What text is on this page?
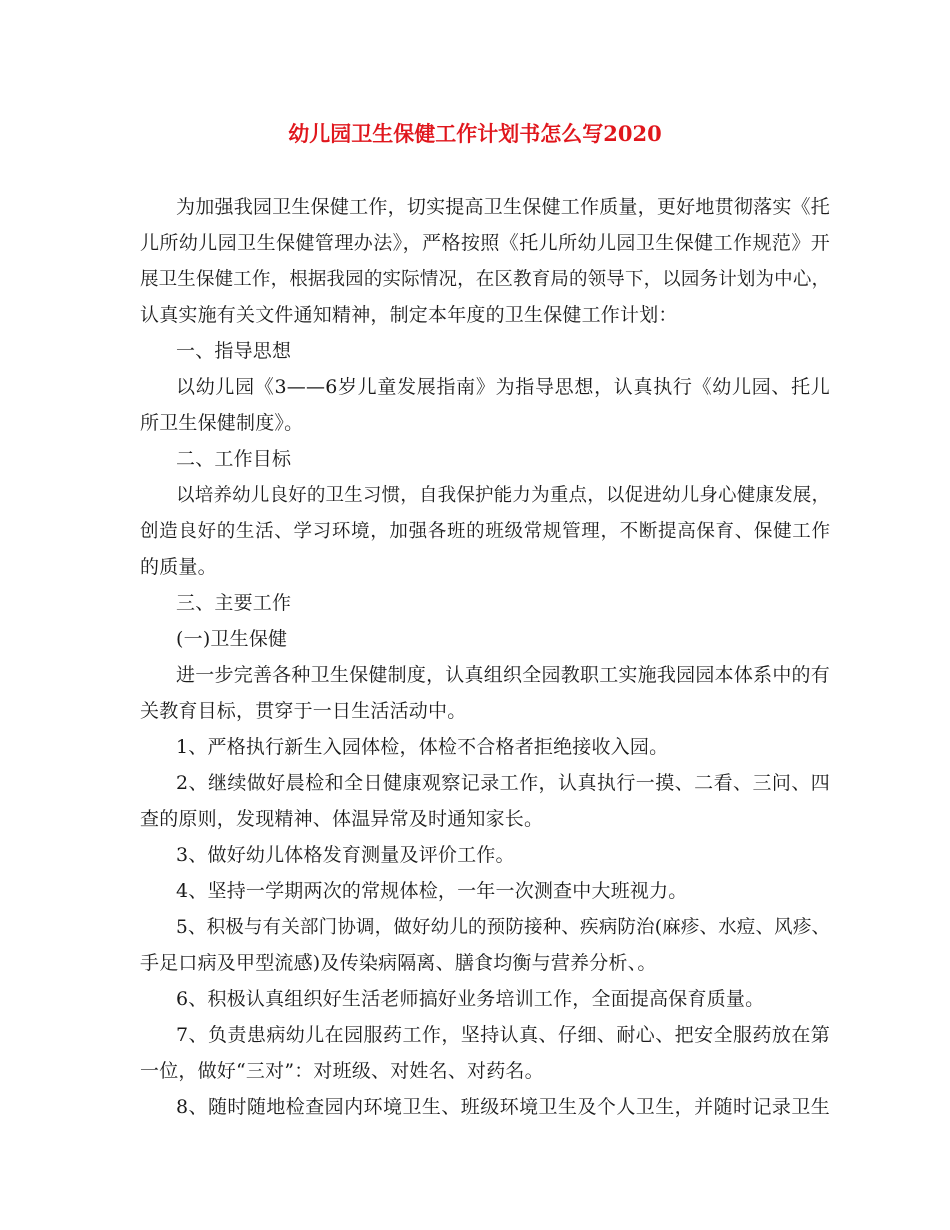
幼儿园卫生保健工作计划书怎么写2020

为加强我园卫生保健工作，切实提高卫生保健工作质量，更好地贯彻落实《托

儿所幼儿园卫生保健管理办法》，严格按照《托儿所幼儿园卫生保健工作规范》开

展卫生保健工作，根据我园的实际情况，在区教育局的领导下，以园务计划为中心，

认真实施有关文件通知精神，制定本年度的卫生保健工作计划：

一、指导思想

以幼儿园《3——6岁儿童发展指南》为指导思想，认真执行《幼儿园、托儿

所卫生保健制度》。

二、工作目标

以培养幼儿良好的卫生习惯，自我保护能力为重点，以促进幼儿身心健康发展，

创造良好的生活、学习环境，加强各班的班级常规管理，不断提高保育、保健工作

的质量。

三、主要工作

(一)卫生保健

进一步完善各种卫生保健制度，认真组织全园教职工实施我园园本体系中的有

关教育目标，贯穿于一日生活活动中。

1、严格执行新生入园体检，体检不合格者拒绝接收入园。

2、继续做好晨检和全日健康观察记录工作，认真执行一摸、二看、三问、四

查的原则，发现精神、体温异常及时通知家长。

3、做好幼儿体格发育测量及评价工作。

4、坚持一学期两次的常规体检，一年一次测查中大班视力。

5、积极与有关部门协调，做好幼儿的预防接种、疾病防治(麻疹、水痘、风疹、

手足口病及甲型流感)及传染病隔离、膳食均衡与营养分析、。

6、积极认真组织好生活老师搞好业务培训工作，全面提高保育质量。

7、负责患病幼儿在园服药工作，坚持认真、仔细、耐心、把安全服药放在第

一位，做好“三对”：对班级、对姓名、对药名。

8、随时随地检查园内环境卫生、班级环境卫生及个人卫生，并随时记录卫生
